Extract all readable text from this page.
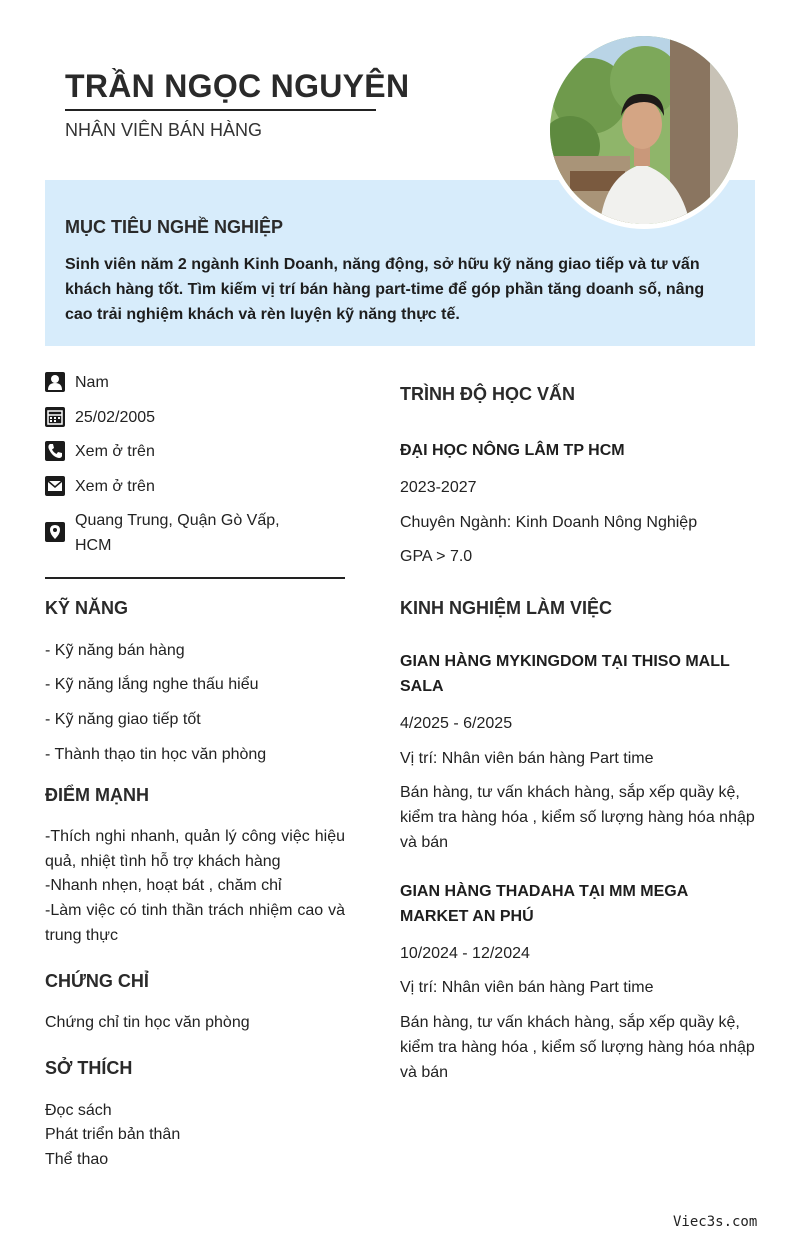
TRẦN NGỌC NGUYÊN
NHÂN VIÊN BÁN HÀNG
MỤC TIÊU NGHỀ NGHIỆP

Sinh viên năm 2 ngành Kinh Doanh, năng động, sở hữu kỹ năng giao tiếp và tư vấn khách hàng tốt. Tìm kiếm vị trí bán hàng part-time để góp phần tăng doanh số, nâng cao trải nghiệm khách và rèn luyện kỹ năng thực tế.

Nam
25/02/2005
Xem ở trên
Xem ở trên
Quang Trung, Quận Gò Vấp,
HCM
KỸ NĂNG
- Kỹ năng bán hàng
- Kỹ năng lắng nghe thấu hiểu
- Kỹ năng giao tiếp tốt
- Thành thạo tin học văn phòng
ĐIỂM MẠNH
-Thích nghi nhanh, quản lý công việc hiệu quả, nhiệt tình hỗ trợ khách hàng
-Nhanh nhẹn, hoạt bát , chăm chỉ
-Làm việc có tinh thần trách nhiệm cao và trung thực
CHỨNG CHỈ
Chứng chỉ tin học văn phòng
SỞ THÍCH
Đọc sách
Phát triển bản thân
Thể thao
TRÌNH ĐỘ HỌC VẤN
ĐẠI HỌC NÔNG LÂM TP HCM
2023-2027
Chuyên Ngành: Kinh Doanh Nông Nghiệp
GPA > 7.0
KINH NGHIỆM LÀM VIỆC
GIAN HÀNG MYKINGDOM TẠI THISO MALL
SALA
4/2025 - 6/2025
Vị trí: Nhân viên bán hàng Part time
Bán hàng, tư vấn khách hàng, sắp xếp quầy kệ, kiểm tra hàng hóa , kiểm số lượng hàng hóa nhập và bán
GIAN HÀNG THADAHA TẠI MM MEGA
MARKET AN PHÚ
10/2024 - 12/2024
Vị trí: Nhân viên bán hàng Part time
Bán hàng, tư vấn khách hàng, sắp xếp quầy kệ, kiểm tra hàng hóa , kiểm số lượng hàng hóa nhập và bán
Viec3s.com
